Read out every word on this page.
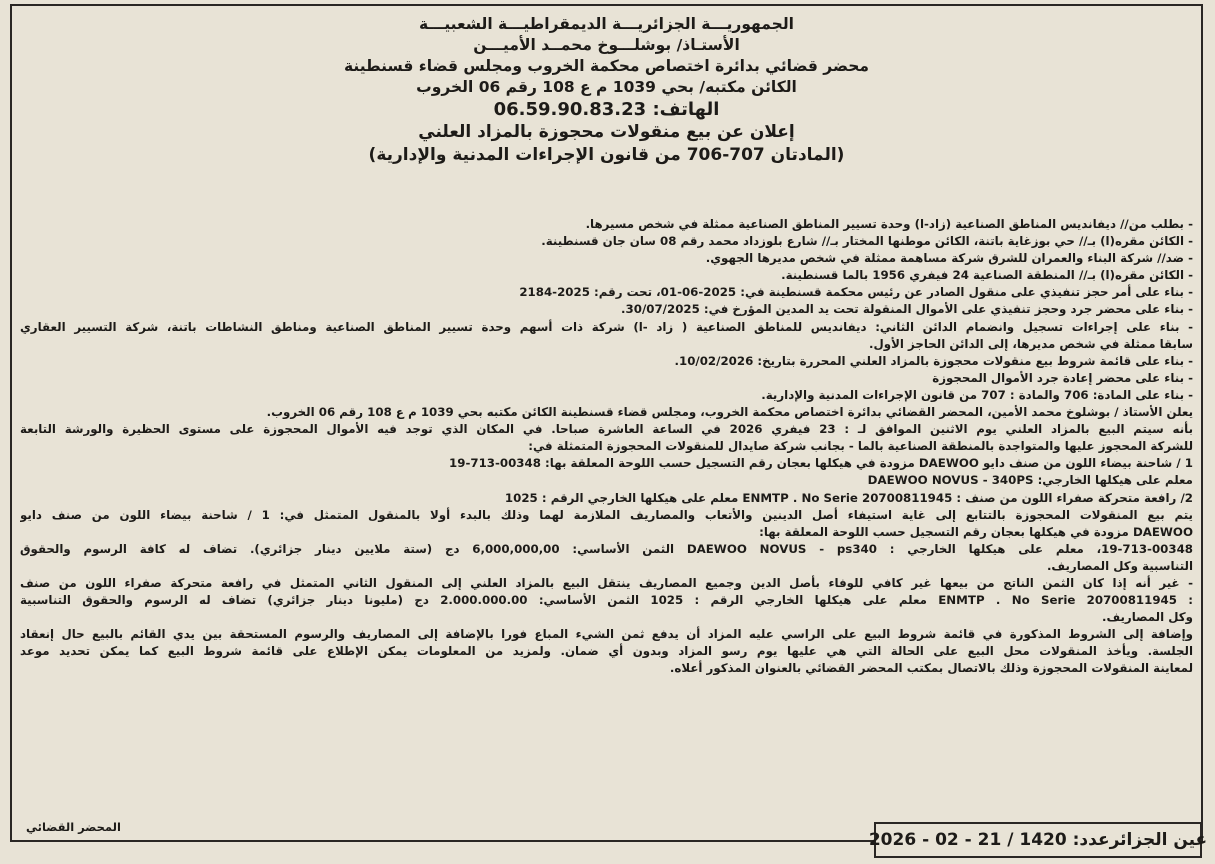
الجمهوريـــة الجزائريـــة الديمقراطيـــة الشعبيـــة
الأستـاذ/ بوشلـــوخ محمــد الأميـــن
محضر قضائي بدائرة اختصاص محكمة الخروب ومجلس قضاء قسنطينة
الكائن مكتبه/ بحي 1039 م ع 108 رقم 06 الخروب
الهاتف: 06.59.90.83.23
إعلان عن بيع منقولات محجوزة بالمزاد العلني
(المادتان 707-706 من قانون الإجراءات المدنية والإدارية)
- بطلب من// ديفانديس المناطق الصناعية (زاد-ا) وحدة تسيير المناطق الصناعية ممثلة في شخص مسيرها.
- الكائن مقره(ا) بـ// حي بوزغاية باتنة، الكائن موطنها المختار بـ// شارع بلوزداد محمد رقم 08 سان جان قسنطينة.
- ضد// شركة البناء والعمران للشرق شركة مساهمة ممثلة في شخص مديرها الجهوي.
- الكائن مقره(ا) بـ// المنطقة الصناعية 24 فيفري 1956 بالما قسنطينة.
- بناء على أمر حجز تنفيذي على منقول الصادر عن رئيس محكمة قسنطينة في: 2025-06-01، تحت رقم: 2025-2184
- بناء على محضر جرد وحجز تنفيذي على الأموال المنقولة تحت يد المدين المؤرخ في: 30/07/2025.
- بناء على إجراءات تسجيل وانضمام الدائن الثاني: ديفانديس للمناطق الصناعية ( زاد -ا) شركة ذات أسهم وحدة تسيير المناطق الصناعية ومناطق النشاطات باتنة، شركة التسيير العقاري
سابقا ممثلة في شخص مديرها، إلى الدائن الحاجز الأول.
- بناء على قائمة شروط بيع منقولات محجوزة بالمزاد العلني المحررة بتاريخ: 10/02/2026.
- بناء على محضر إعادة جرد الأموال المحجوزة
- بناء على المادة: 706 والمادة : 707 من قانون الإجراءات المدنية والإدارية.
يعلن الأستاذ / بوشلوخ محمد الأمين، المحضر القضائي بدائرة اختصاص محكمة الخروب، ومجلس قضاء قسنطينة الكائن مكتبه بحي 1039 م ع 108 رقم 06 الخروب.
بأنه سيتم البيع بالمزاد العلني يوم الاثنين الموافق لـ : 23 فيفري 2026 في الساعة العاشرة صباحا. في المكان الذي توجد فيه الأموال المحجوزة على مستوى الحظيرة والورشة التابعة
للشركة المحجوز عليها والمتواجدة بالمنطقة الصناعية بالما - بجانب شركة صايدال للمنقولات المحجوزة المتمثلة في:
1 / شاحنة بيضاء اللون من صنف دايو DAEWOO مزودة في هيكلها بعجان رقم التسجيل حسب اللوحة المعلقة بها: 00348-713-19
معلم على هيكلها الخارجي: DAEWOO NOVUS - 340PS
2/ رافعة متحركة صفراء اللون من صنف : ENMTP . No Serie 20700811945 معلم على هيكلها الخارجي الرقم : 1025
يتم بيع المنقولات المحجوزة بالتتابع إلى غاية استيفاء أصل الدينين والأتعاب والمصاريف الملازمة لهما وذلك بالبدء أولا بالمنقول المتمثل في: 1 / شاحنة بيضاء اللون من صنف دايو
DAEWOO مزودة في هيكلها بعجان رقم التسجيل حسب اللوحة المعلقة بها:
19-713-00348، معلم على هيكلها الخارجي : DAEWOO NOVUS - ps340 الثمن الأساسي: 6,000,000,00 دج (ستة ملايين دينار جزائري). تضاف له كافة الرسوم والحقوق
التناسبية وكل المصاريف.
- غير أنه إذا كان الثمن الناتج من بيعها غير كافي للوفاء بأصل الدين وجميع المصاريف ينتقل البيع بالمزاد العلني إلى المنقول الثاني المتمثل في رافعة متحركة صفراء اللون من صنف
: ENMTP . No Serie 20700811945 معلم على هيكلها الخارجي الرقم : 1025 الثمن الأساسي: 2.000.000.00 دج (مليونا دينار جزائري) تضاف له الرسوم والحقوق التناسبية
وكل المصاريف.
وإضافة إلى الشروط المذكورة في قائمة شروط البيع على الراسي عليه المزاد أن يدفع ثمن الشيء المباع فورا بالإضافة إلى المصاريف والرسوم المستحقة بين يدي القائم بالبيع حال إنعقاد
الجلسة. ويأخذ المنقولات محل البيع على الحالة التي هي عليها يوم رسو المزاد وبدون أي ضمان. ولمزيد من المعلومات يمكن الإطلاع على قائمة شروط البيع كما يمكن تحديد موعد
لمعاينة المنقولات المحجوزة وذلك بالاتصال بمكتب المحضر القضائي بالعنوان المذكور أعلاه.
المحضر القضائي
عين الجزائرعدد: 1420 / 21 - 02 - 2026
